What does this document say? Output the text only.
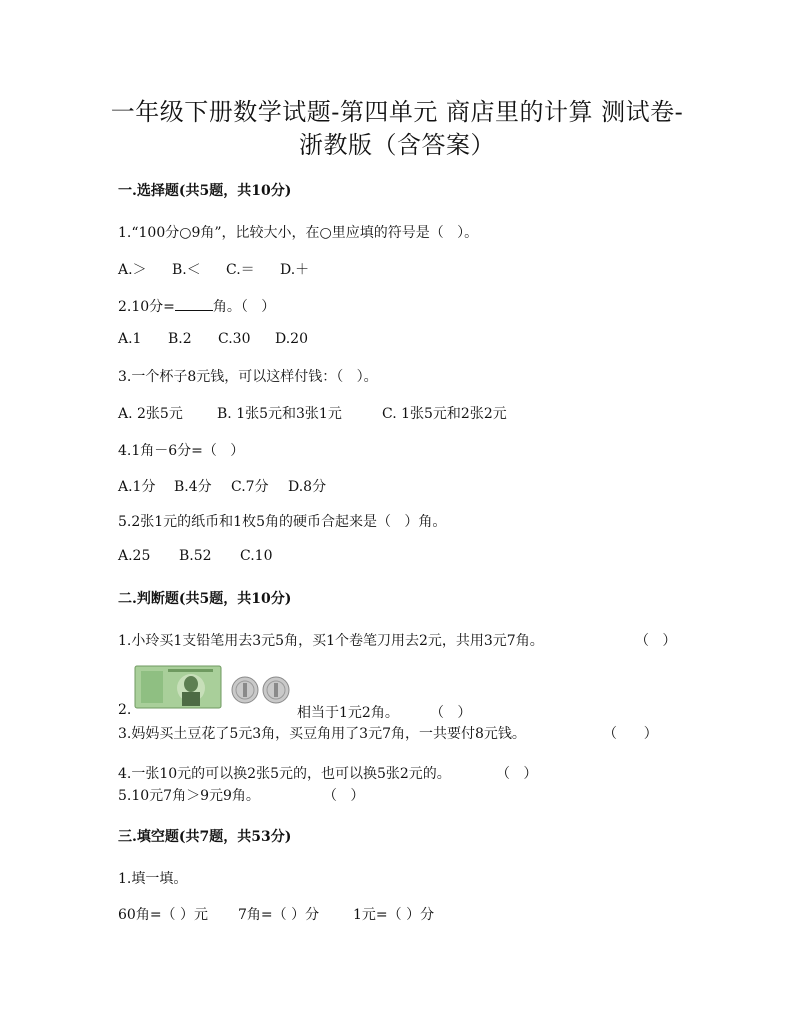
一年级下册数学试题-第四单元 商店里的计算 测试卷-
浙教版（含答案）
一.选择题(共5题，共10分)
1.“100分○9角”，比较大小，在○里应填的符号是（   ）。
A.＞	B.＜	C.＝	D.＋
2.10分=	角。（   ）
A.1	B.2	C.30	D.20
3.一个杯子8元钱，可以这样付钱：（   ）。
A. 2张5元	B. 1张5元和3张1元	C. 1张5元和2张2元
4.1角－6分=（   ）
A.1分	B.4分	C.7分	D.8分
5.2张1元的纸币和1枚5角的硬币合起来是（   ）角。
A.25	B.52	C.10
二.判断题(共5题，共10分)
1.小玲买1支铅笔用去3元5角，买1个卷笔刀用去2元，共用3元7角。	（   ）
2.	相当于1元2角。 （   ）
3.妈妈买土豆花了5元3角，买豆角用了3元7角，一共要付8元钱。	（      ）
4.一张10元的可以换2张5元的，也可以换5张2元的。	（   ）
5.10元7角＞9元9角。	（   ）
三.填空题(共7题，共53分)
1.填一填。
60角=（ ）元	7角=（ ）分	1元=（ ）分
